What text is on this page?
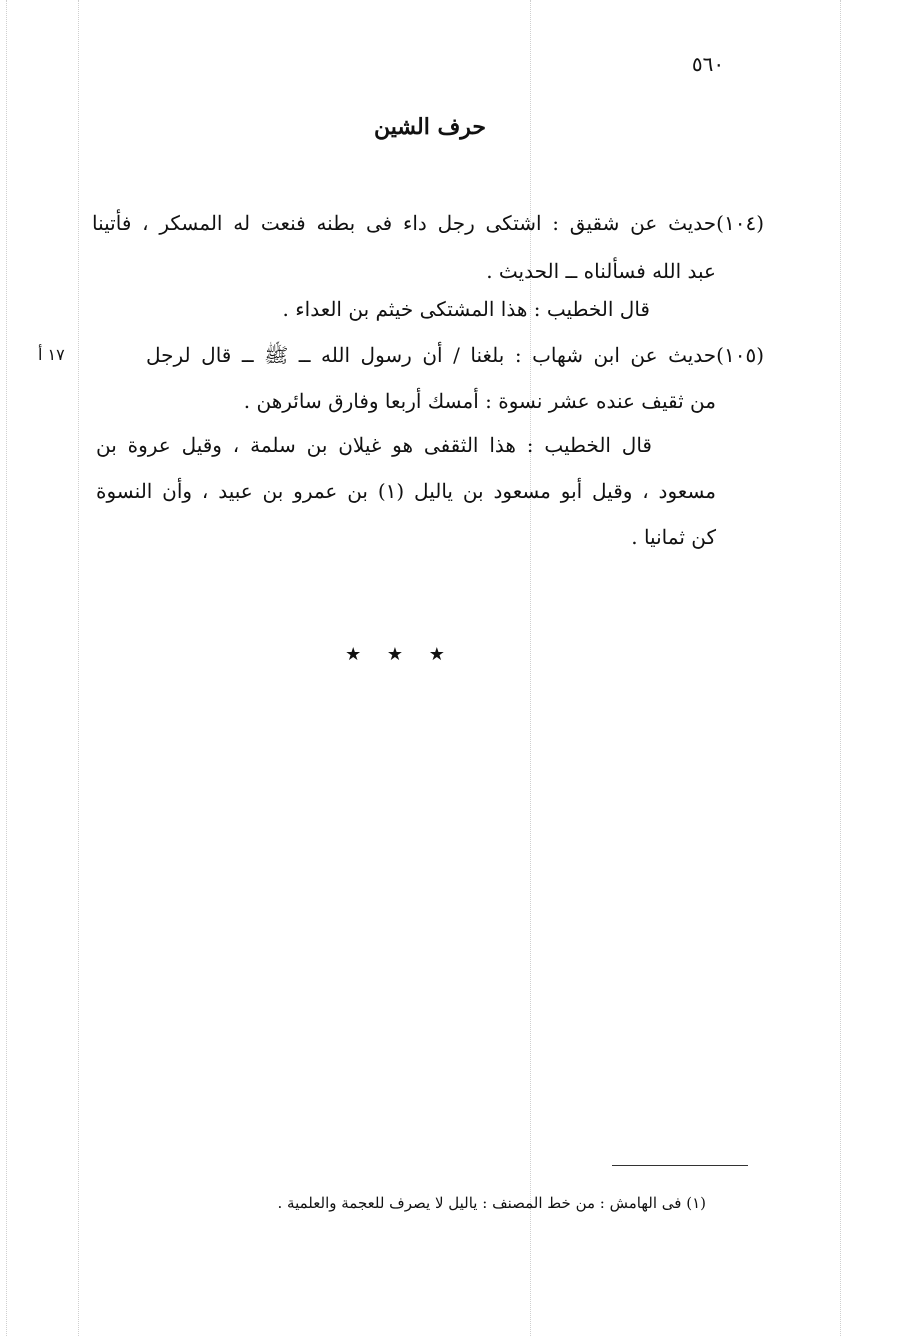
٥٦٠
حرف الشين
(١٠٤)حديث عن شقيق : اشتكى رجل داء فى بطنه فنعت له المسكر ، فأتينا
عبد الله فسألناه ــ الحديث .
قال الخطيب : هذا المشتكى خيثم بن العداء .
(١٠٥)حديث عن ابن شهاب : بلغنا / أن رسول الله ــ ﷺ ــ قال لرجل
١٧ أ
من ثقيف عنده عشر نسوة : أمسك أربعا وفارق سائرهن .
قال الخطيب : هذا الثقفى هو غيلان بن سلمة ، وقيل عروة بن
مسعود ، وقيل أبو مسعود بن ياليل (١) بن عمرو بن عبيد ، وأن النسوة
كن ثمانيا .
★ ★ ★
(١) فى الهامش : من خط المصنف : ياليل لا يصرف للعجمة والعلمية .
